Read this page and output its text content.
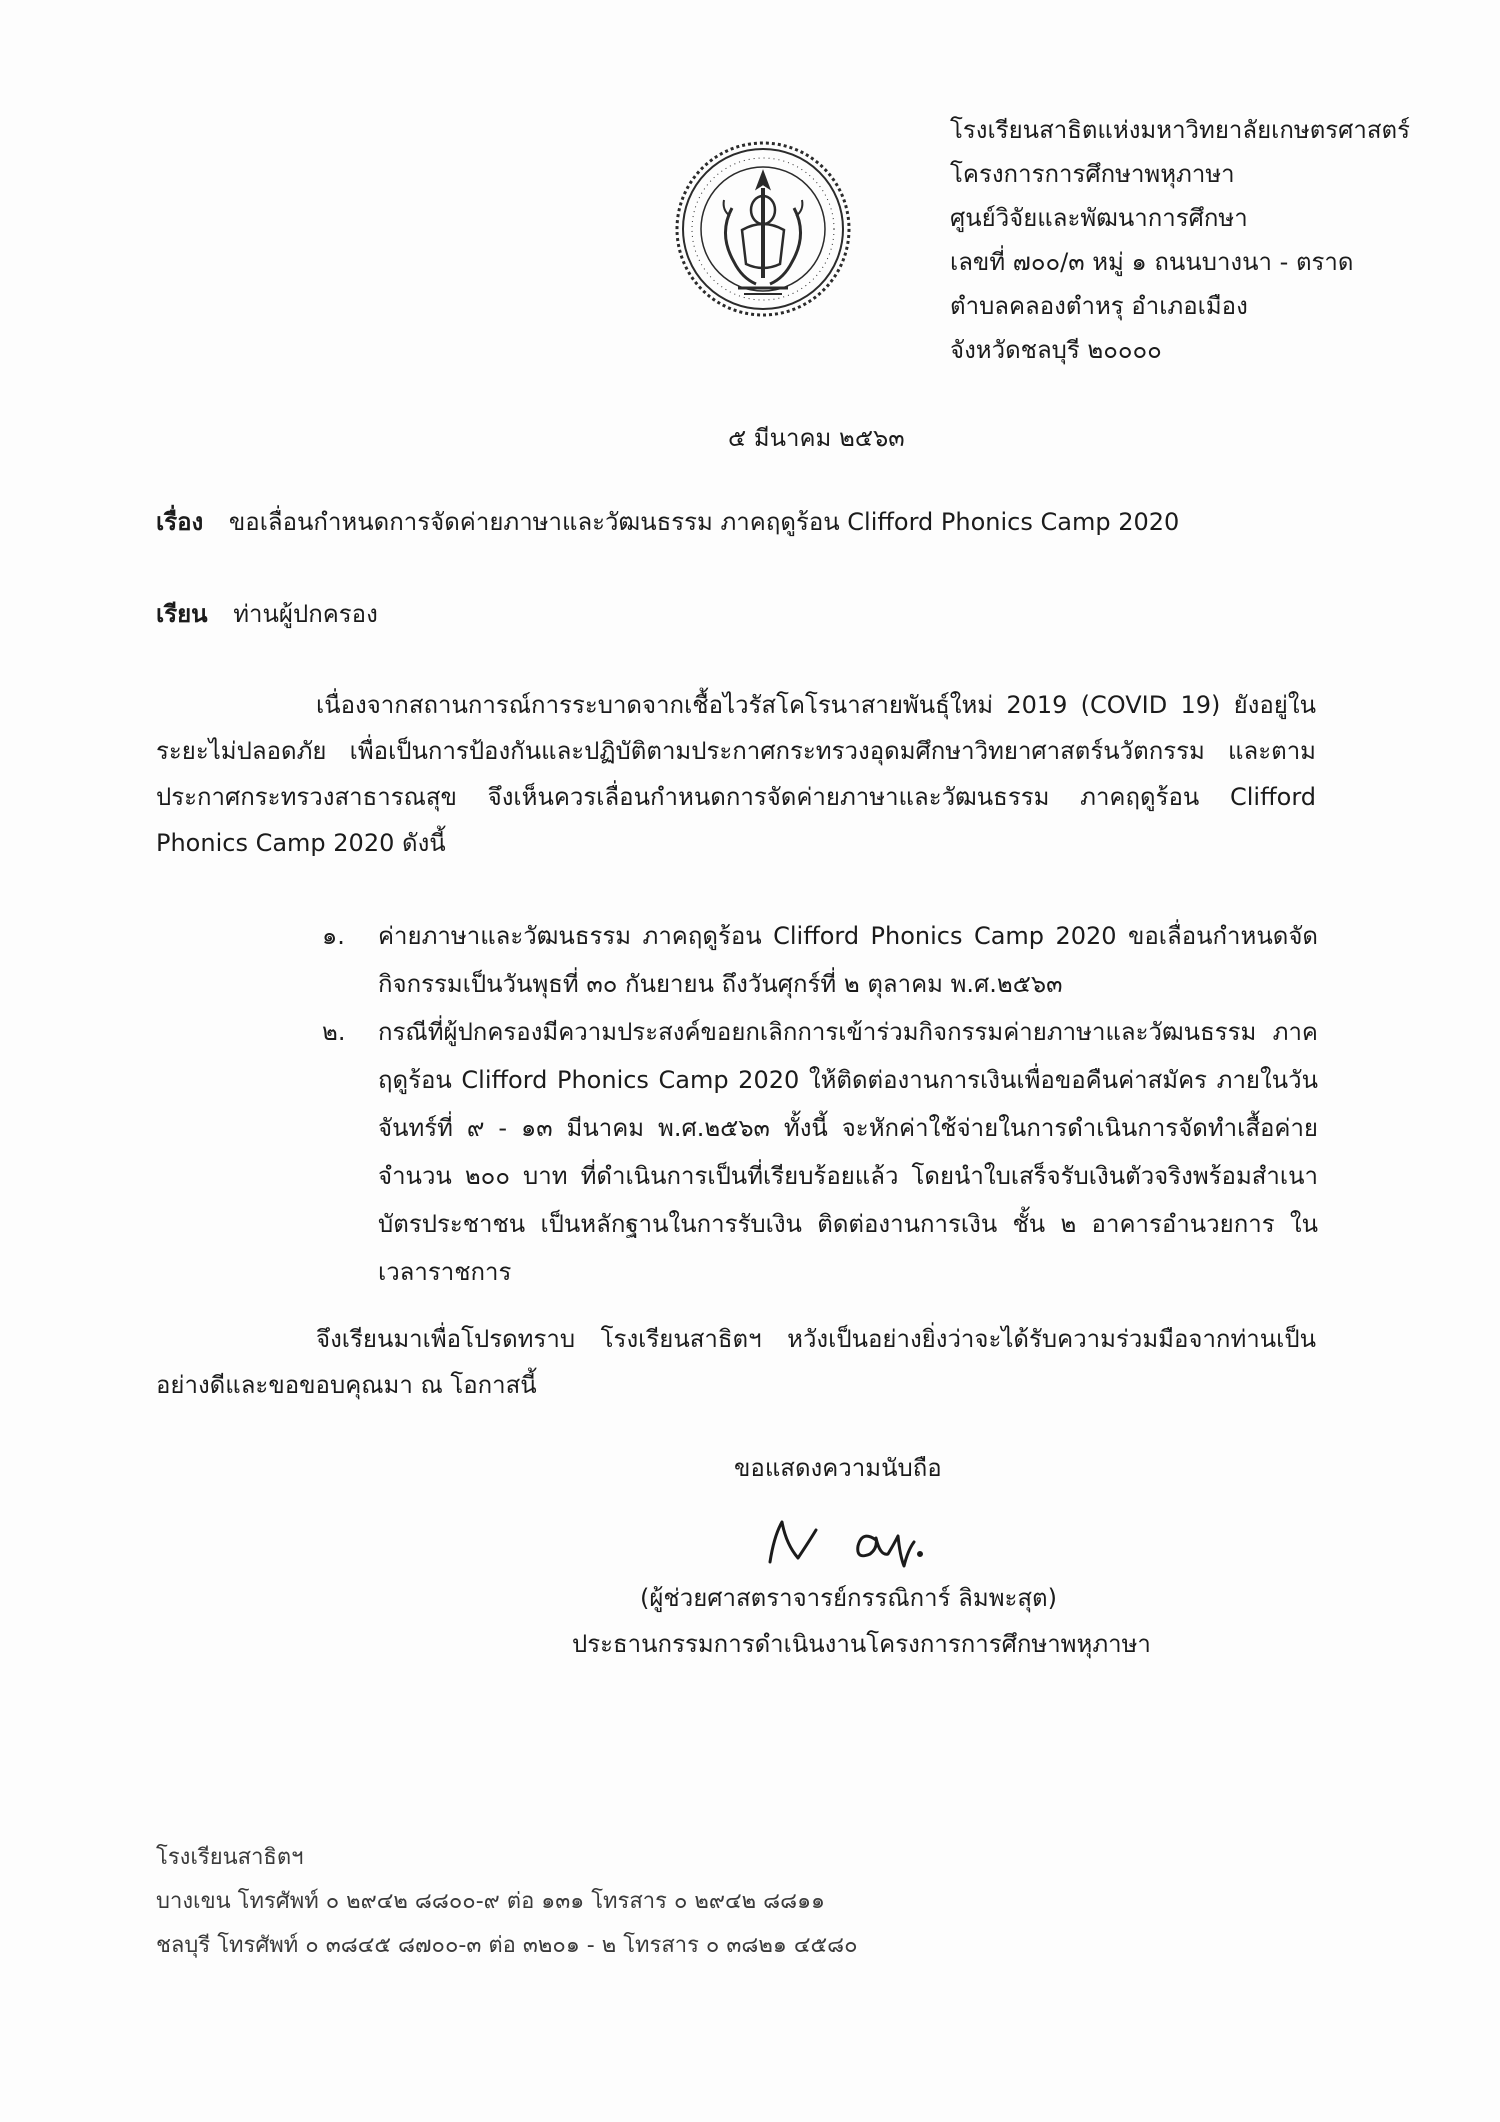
โรงเรียนสาธิตแห่งมหาวิทยาลัยเกษตรศาสตร์
โครงการการศึกษาพหุภาษา
ศูนย์วิจัยและพัฒนาการศึกษา
เลขที่ ๗๐๐/๓ หมู่ ๑ ถนนบางนา - ตราด
ตำบลคลองตำหรุ อำเภอเมือง
จังหวัดชลบุรี ๒๐๐๐๐
๕ มีนาคม ๒๕๖๓
เรื่อง ขอเลื่อนกำหนดการจัดค่ายภาษาและวัฒนธรรม ภาคฤดูร้อน Clifford Phonics Camp 2020
เรียน ท่านผู้ปกครอง
เนื่องจากสถานการณ์การระบาดจากเชื้อไวรัสโคโรนาสายพันธุ์ใหม่ 2019 (COVID 19) ยังอยู่ในระยะไม่ปลอดภัย เพื่อเป็นการป้องกันและปฏิบัติตามประกาศกระทรวงอุดมศึกษาวิทยาศาสตร์นวัตกรรม และตามประกาศกระทรวงสาธารณสุข จึงเห็นควรเลื่อนกำหนดการจัดค่ายภาษาและวัฒนธรรม ภาคฤดูร้อน Clifford Phonics Camp 2020 ดังนี้
๑. ค่ายภาษาและวัฒนธรรม ภาคฤดูร้อน Clifford Phonics Camp 2020 ขอเลื่อนกำหนดจัดกิจกรรมเป็นวันพุธที่ ๓๐ กันยายน ถึงวันศุกร์ที่ ๒ ตุลาคม พ.ศ.๒๕๖๓
๒. กรณีที่ผู้ปกครองมีความประสงค์ขอยกเลิกการเข้าร่วมกิจกรรมค่ายภาษาและวัฒนธรรม ภาคฤดูร้อน Clifford Phonics Camp 2020 ให้ติดต่องานการเงินเพื่อขอคืนค่าสมัคร ภายในวันจันทร์ที่ ๙ - ๑๓ มีนาคม พ.ศ.๒๕๖๓ ทั้งนี้ จะหักค่าใช้จ่ายในการดำเนินการจัดทำเสื้อค่าย จำนวน ๒๐๐ บาท ที่ดำเนินการเป็นที่เรียบร้อยแล้ว โดยนำใบเสร็จรับเงินตัวจริงพร้อมสำเนาบัตรประชาชน เป็นหลักฐานในการรับเงิน ติดต่องานการเงิน ชั้น ๒ อาคารอำนวยการ ในเวลาราชการ
จึงเรียนมาเพื่อโปรดทราบ โรงเรียนสาธิตฯ หวังเป็นอย่างยิ่งว่าจะได้รับความร่วมมือจากท่านเป็นอย่างดีและขอขอบคุณมา ณ โอกาสนี้
ขอแสดงความนับถือ
(ผู้ช่วยศาสตราจารย์กรรณิการ์ ลิมพะสุต)
ประธานกรรมการดำเนินงานโครงการการศึกษาพหุภาษา
โรงเรียนสาธิตฯ
บางเขน โทรศัพท์ ๐ ๒๙๔๒ ๘๘๐๐-๙ ต่อ ๑๓๑ โทรสาร ๐ ๒๙๔๒ ๘๘๑๑
ชลบุรี โทรศัพท์ ๐ ๓๘๔๕ ๘๗๐๐-๓ ต่อ ๓๒๐๑ - ๒ โทรสาร ๐ ๓๘๒๑ ๔๕๘๐
